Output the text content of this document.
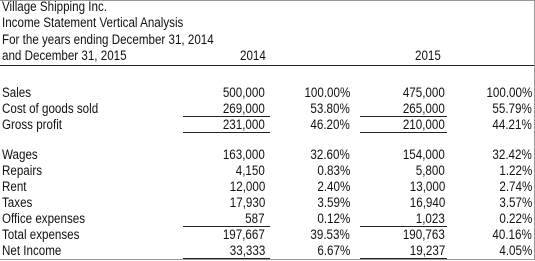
Village Shipping Inc.
Income Statement Vertical Analysis
For the years ending December 31, 2014
and December 31, 2015	2014	2015
Sales	500,000	100.00%	475,000	100.00%
Cost of goods sold	269,000	53.80%	265,000	55.79%
Gross profit	231,000	46.20%	210,000	44.21%
Wages	163,000	32.60%	154,000	32.42%
Repairs	4,150	0.83%	5,800	1.22%
Rent	12,000	2.40%	13,000	2.74%
Taxes	17,930	3.59%	16,940	3.57%
Office expenses	587	0.12%	1,023	0.22%
Total expenses	197,667	39.53%	190,763	40.16%
Net Income	33,333	6.67%	19,237	4.05%
